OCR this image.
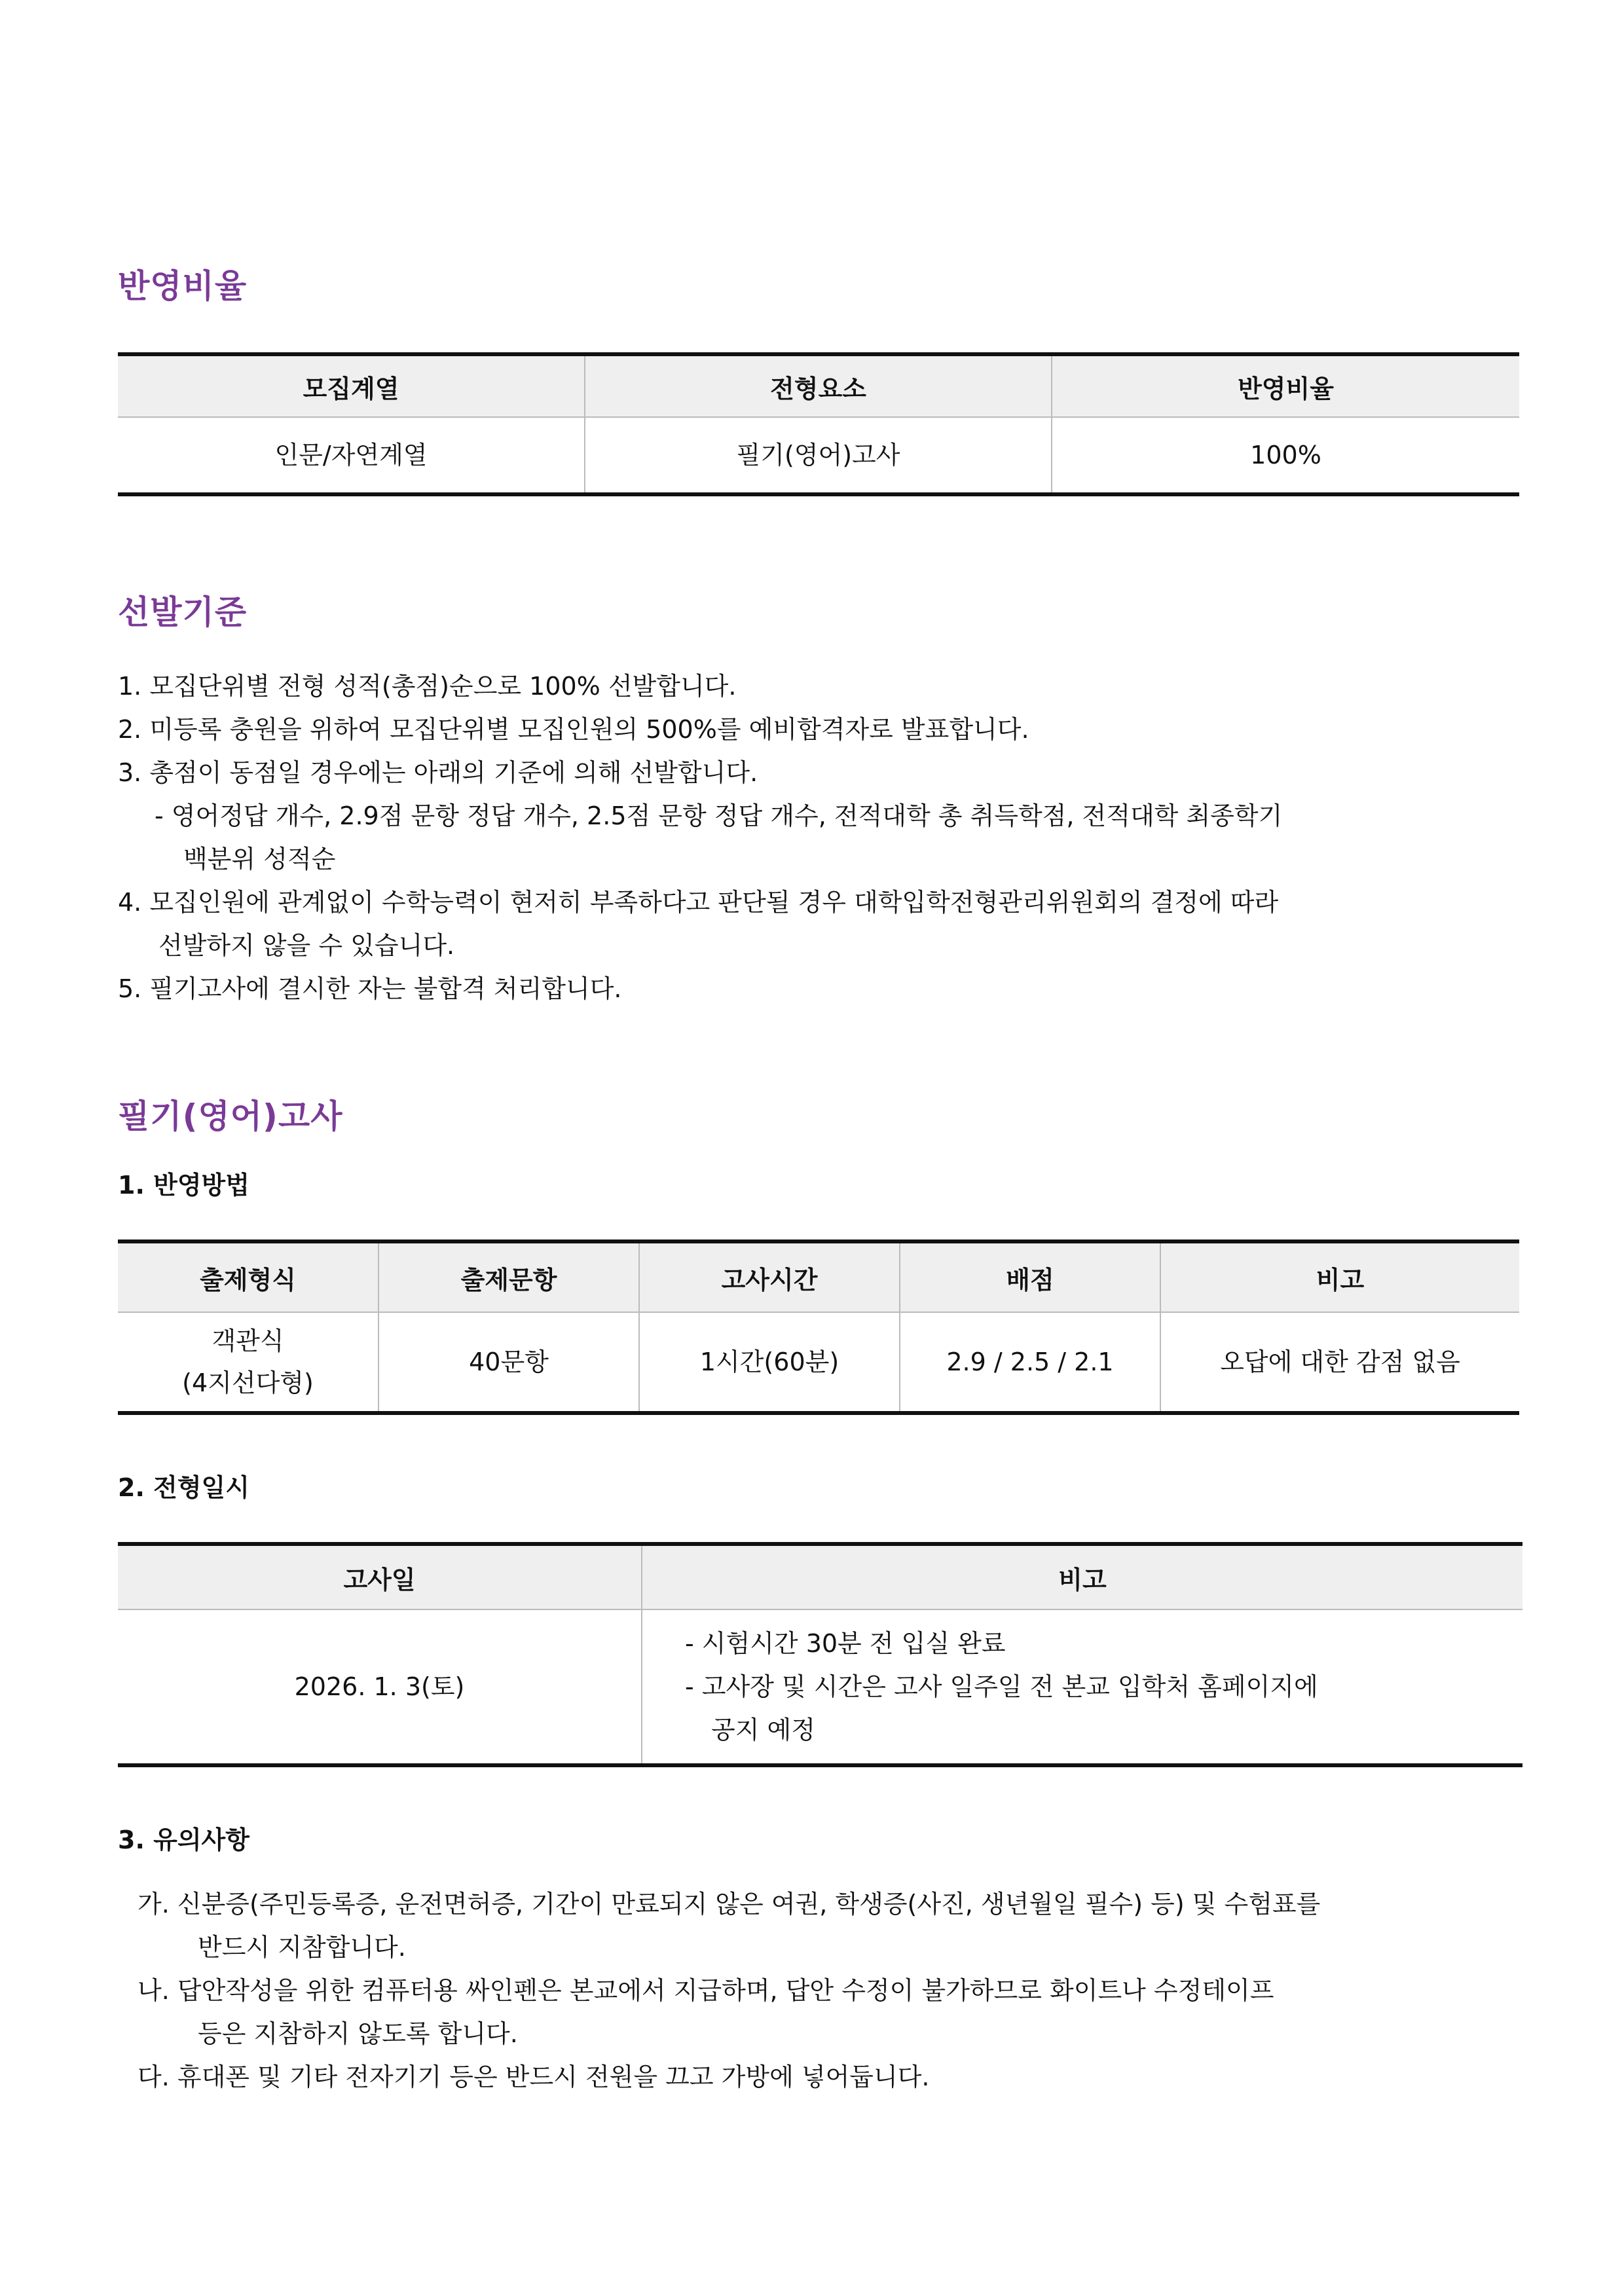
반영비율
모집계열	전형요소	반영비율
인문/자연계열	필기(영어)고사	100%
선발기준
1. 모집단위별 전형 성적(총점)순으로 100% 선발합니다.
2. 미등록 충원을 위하여 모집단위별 모집인원의 500%를 예비합격자로 발표합니다.
3. 총점이 동점일 경우에는 아래의 기준에 의해 선발합니다.
- 영어정답 개수, 2.9점 문항 정답 개수, 2.5점 문항 정답 개수, 전적대학 총 취득학점, 전적대학 최종학기
백분위 성적순
4. 모집인원에 관계없이 수학능력이 현저히 부족하다고 판단될 경우 대학입학전형관리위원회의 결정에 따라
선발하지 않을 수 있습니다.
5. 필기고사에 결시한 자는 불합격 처리합니다.
필기(영어)고사
1. 반영방법
출제형식	출제문항	고사시간	배점	비고

객관식
(4지선다형)	40문항	1시간(60분)	2.9 / 2.5 / 2.1	오답에 대한 감점 없음
2. 전형일시
고사일	비고
2026. 1. 3(토)	- 시험시간 30분 전 입실 완료
- 고사장 및 시간은 고사 일주일 전 본교 입학처 홈페이지에
공지 예정
3. 유의사항
가. 신분증(주민등록증, 운전면허증, 기간이 만료되지 않은 여권, 학생증(사진, 생년월일 필수) 등) 및 수험표를
반드시 지참합니다.
나. 답안작성을 위한 컴퓨터용 싸인펜은 본교에서 지급하며, 답안 수정이 불가하므로 화이트나 수정테이프
등은 지참하지 않도록 합니다.
다. 휴대폰 및 기타 전자기기 등은 반드시 전원을 끄고 가방에 넣어둡니다.
